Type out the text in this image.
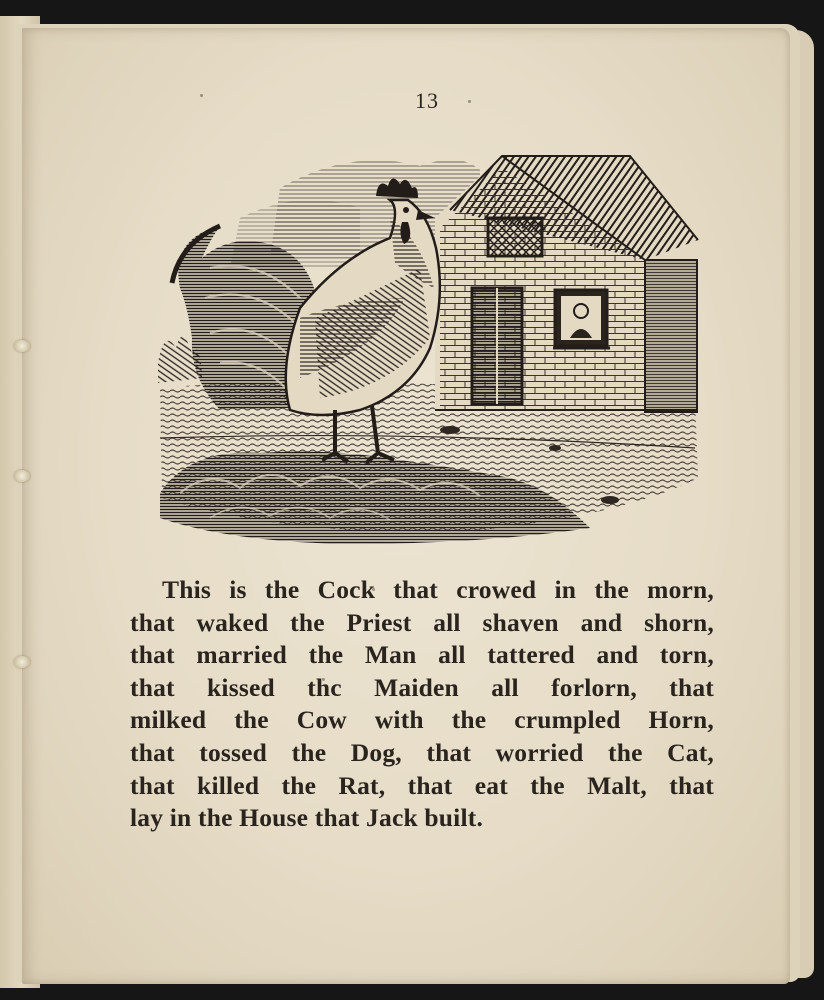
13
This is the Cock that crowed in the morn,
that waked the Priest all shaven and shorn,
that married the Man all tattered and torn,
that kissed thc Maiden all forlorn, that
milked the Cow with the crumpled Horn,
that tossed the Dog, that worried the Cat,
that killed the Rat, that eat the Malt, that
lay in the House that Jack built.
